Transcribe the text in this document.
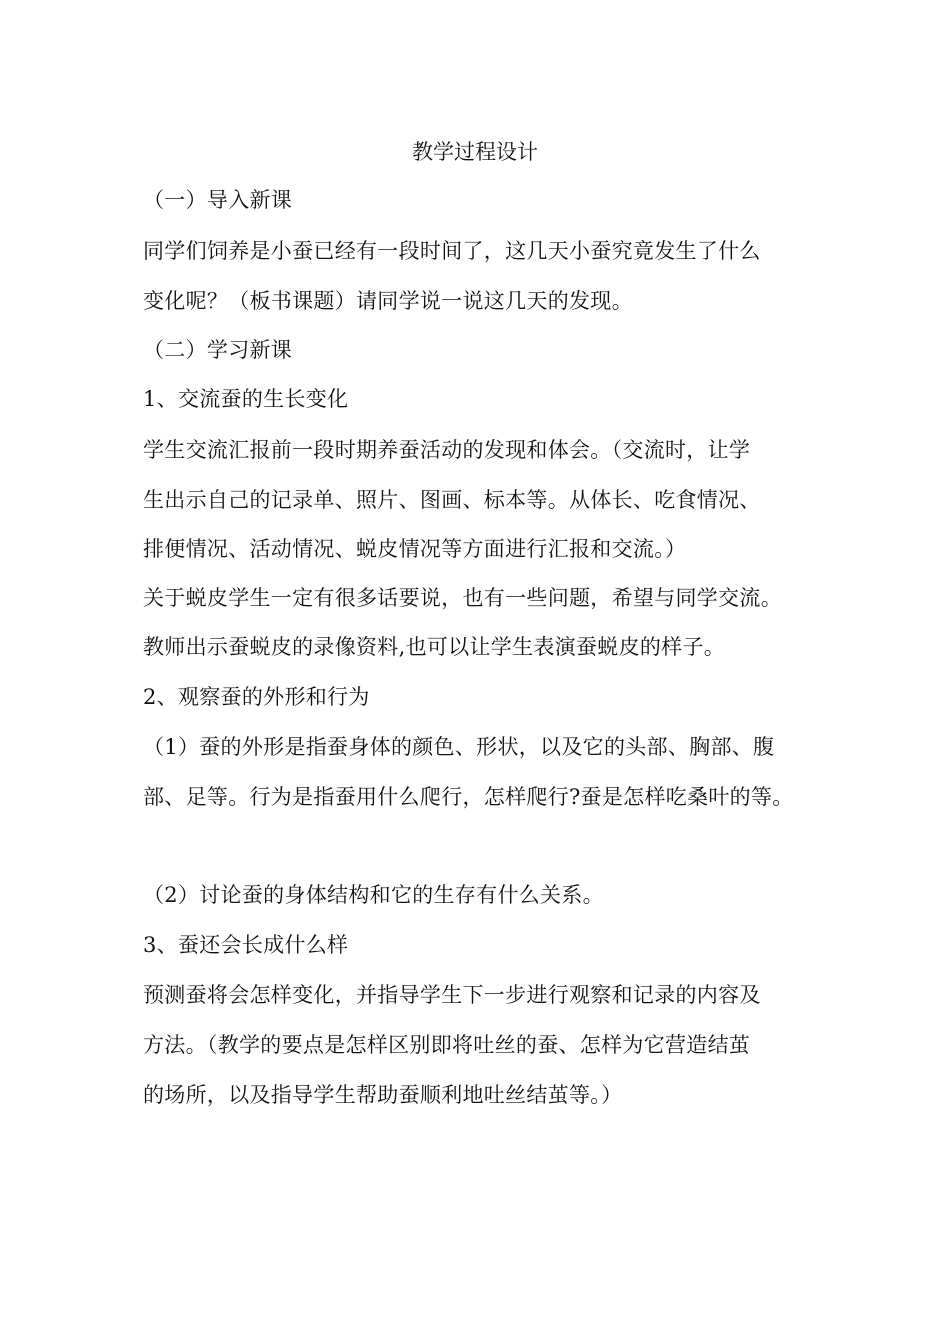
教学过程设计
（一）导入新课
同学们饲养是小蚕已经有一段时间了，这几天小蚕究竟发生了什么
变化呢？（板书课题）请同学说一说这几天的发现。
（二）学习新课
1、交流蚕的生长变化
学生交流汇报前一段时期养蚕活动的发现和体会。（交流时，让学
生出示自己的记录单、照片、图画、标本等。从体长、吃食情况、
排便情况、活动情况、蜕皮情况等方面进行汇报和交流。）
关于蜕皮学生一定有很多话要说，也有一些问题，希望与同学交流。
教师出示蚕蜕皮的录像资料,也可以让学生表演蚕蜕皮的样子。
2、观察蚕的外形和行为
（1）蚕的外形是指蚕身体的颜色、形状，以及它的头部、胸部、腹
部、足等。行为是指蚕用什么爬行，怎样爬行?蚕是怎样吃桑叶的等。
（2）讨论蚕的身体结构和它的生存有什么关系。
3、蚕还会长成什么样
预测蚕将会怎样变化，并指导学生下一步进行观察和记录的内容及
方法。（教学的要点是怎样区别即将吐丝的蚕、怎样为它营造结茧
的场所，以及指导学生帮助蚕顺利地吐丝结茧等。）
